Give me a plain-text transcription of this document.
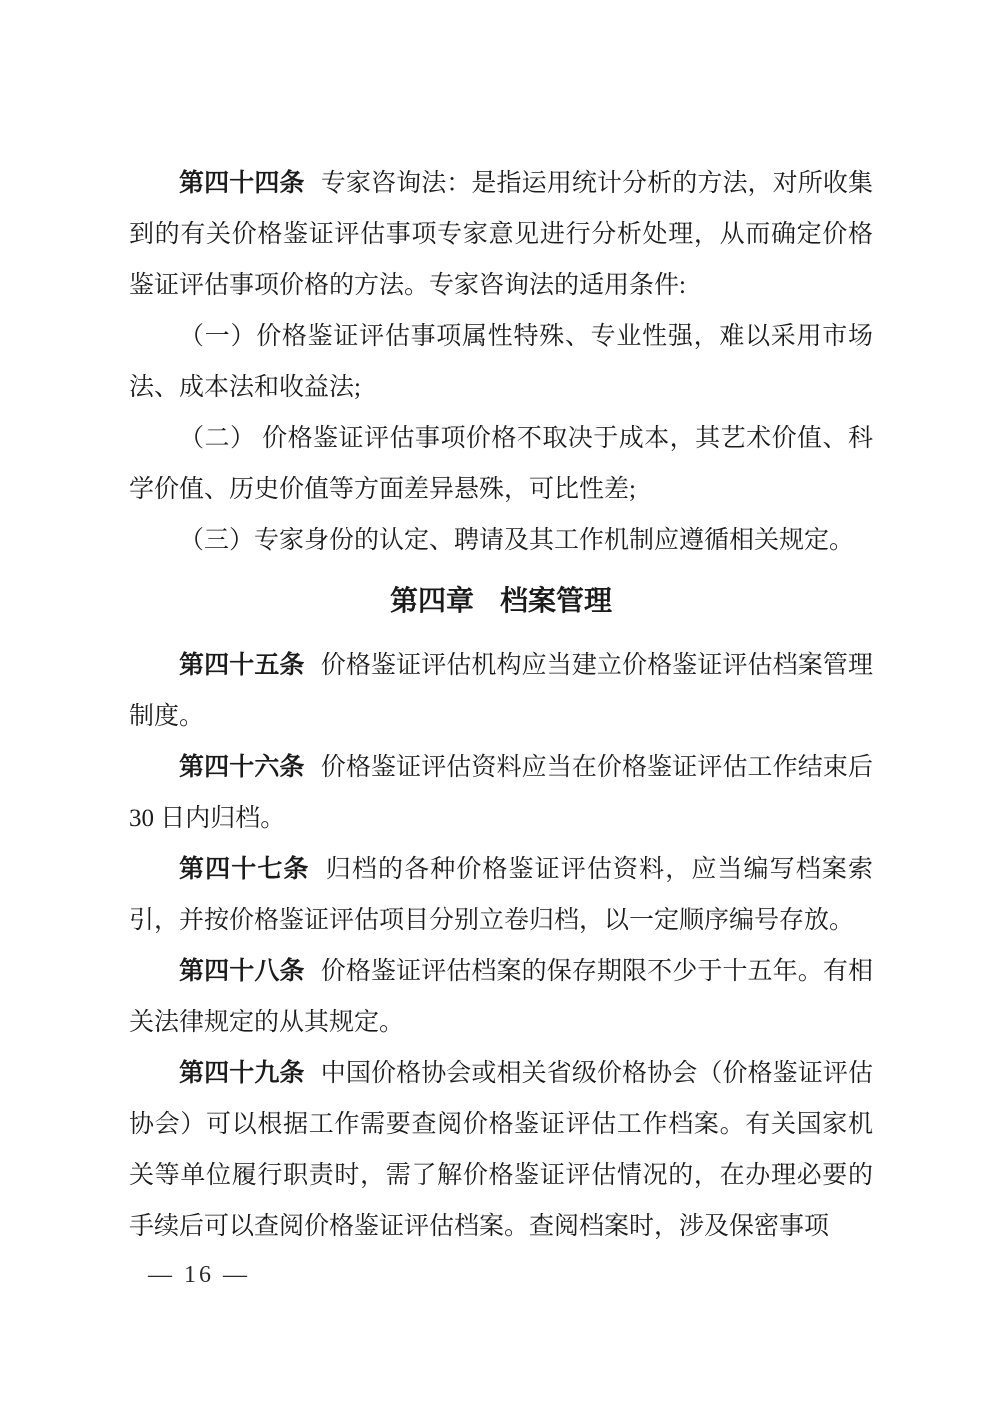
第四十四条 专家咨询法：是指运用统计分析的方法，对所收集到的有关价格鉴证评估事项专家意见进行分析处理，从而确定价格鉴证评估事项价格的方法。专家咨询法的适用条件:

（一）价格鉴证评估事项属性特殊、专业性强，难以采用市场法、成本法和收益法;

（二） 价格鉴证评估事项价格不取决于成本，其艺术价值、科学价值、历史价值等方面差异悬殊，可比性差;

（三）专家身份的认定、聘请及其工作机制应遵循相关规定。

第四章 档案管理

第四十五条 价格鉴证评估机构应当建立价格鉴证评估档案管理制度。

第四十六条 价格鉴证评估资料应当在价格鉴证评估工作结束后 30 日内归档。

第四十七条 归档的各种价格鉴证评估资料，应当编写档案索引，并按价格鉴证评估项目分别立卷归档，以一定顺序编号存放。

第四十八条 价格鉴证评估档案的保存期限不少于十五年。有相关法律规定的从其规定。

第四十九条 中国价格协会或相关省级价格协会（价格鉴证评估协会）可以根据工作需要查阅价格鉴证评估工作档案。有关国家机关等单位履行职责时，需了解价格鉴证评估情况的，在办理必要的手续后可以查阅价格鉴证评估档案。查阅档案时，涉及保密事项

— 16 —
